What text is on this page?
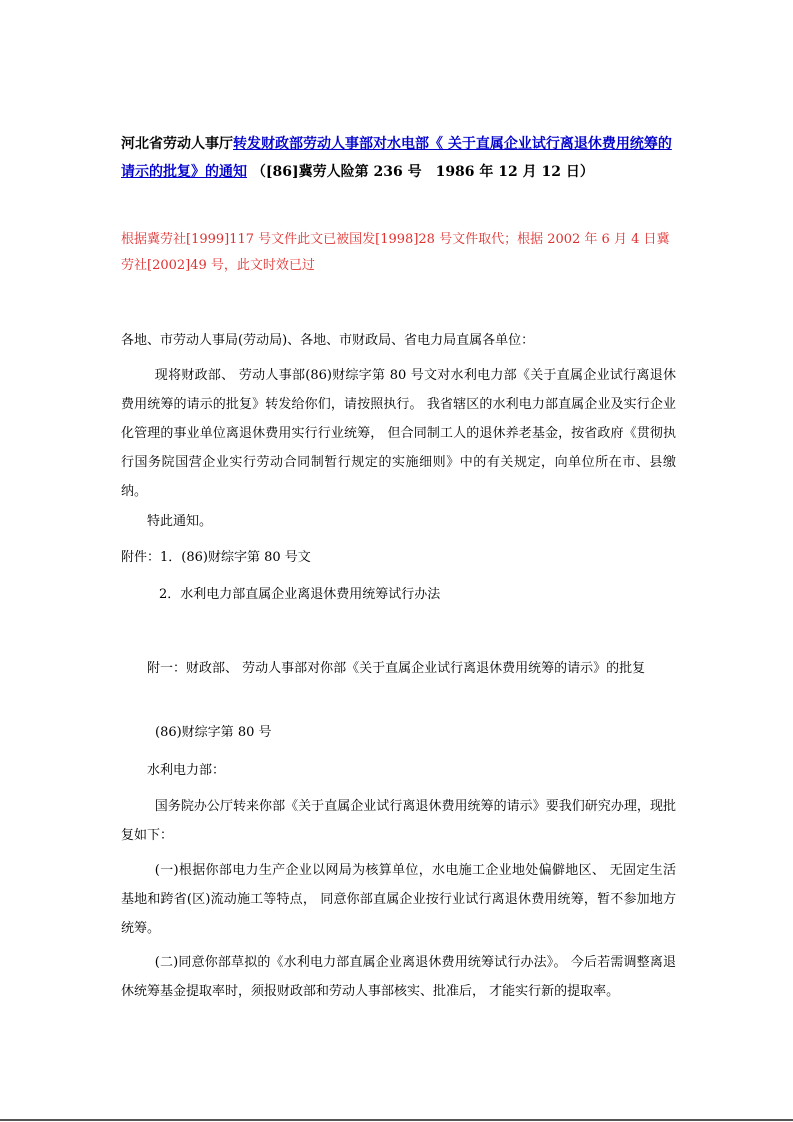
河北省劳动人事厅转发财政部劳动人事部对水电部《 关于直属企业试行离退休费用统筹的请示的批复》的通知 （[86]冀劳人险第 236 号　1986 年 12 月 12 日）
根据冀劳社[1999]117 号文件此文已被国发[1998]28 号文件取代；根据 2002 年 6 月 4 日冀劳社[2002]49 号，此文时效已过
各地、市劳动人事局(劳动局)、各地、市财政局、省电力局直属各单位：
现将财政部、 劳动人事部(86)财综字第 80 号文对水利电力部《关于直属企业试行离退休费用统筹的请示的批复》转发给你们，请按照执行。 我省辖区的水利电力部直属企业及实行企业化管理的事业单位离退休费用实行行业统筹， 但合同制工人的退休养老基金，按省政府《贯彻执行国务院国营企业实行劳动合同制暂行规定的实施细则》中的有关规定，向单位所在市、县缴纳。
特此通知。
附件：1．(86)财综字第 80 号文
2．水利电力部直属企业离退休费用统筹试行办法
附一：财政部、 劳动人事部对你部《关于直属企业试行离退休费用统筹的请示》的批复
(86)财综字第 80 号
水利电力部：
国务院办公厅转来你部《关于直属企业试行离退休费用统筹的请示》要我们研究办理，现批复如下：
(一)根据你部电力生产企业以网局为核算单位，水电施工企业地处偏僻地区、 无固定生活基地和跨省(区)流动施工等特点， 同意你部直属企业按行业试行离退休费用统筹，暂不参加地方统筹。
(二)同意你部草拟的《水利电力部直属企业离退休费用统筹试行办法》。 今后若需调整离退休统筹基金提取率时，须报财政部和劳动人事部核实、批准后， 才能实行新的提取率。
